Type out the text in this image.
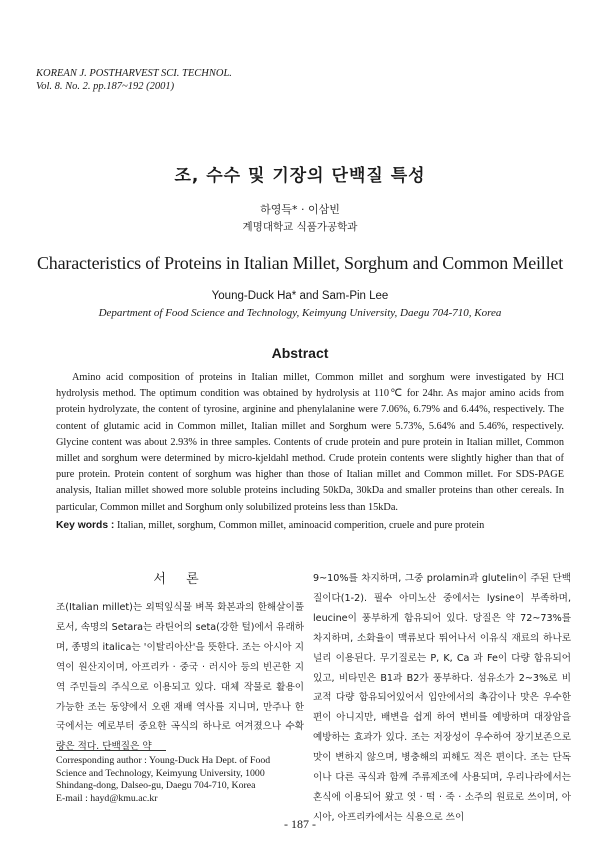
KOREAN J. POSTHARVEST SCI. TECHNOL.
Vol. 8. No. 2. pp.187~192 (2001)
조, 수수 및 기장의 단백질 특성
하영득* · 이삼빈
계명대학교 식품가공학과
Characteristics of Proteins in Italian Millet, Sorghum and Common Meillet
Young-Duck Ha* and Sam-Pin Lee
Department of Food Science and Technology, Keimyung University, Daegu 704-710, Korea
Abstract

Amino acid composition of proteins in Italian millet, Common millet and sorghum were investigated by HCl hydrolysis method. The optimum condition was obtained by hydrolysis at 110℃ for 24hr. As major amino acids from protein hydrolyzate, the content of tyrosine, arginine and phenylalanine were 7.06%, 6.79% and 6.44%, respectively. The content of glutamic acid in Common millet, Italian millet and Sorghum were 5.73%, 5.64% and 5.46%, respectively. Glycine content was about 2.93% in three samples. Contents of crude protein and pure protein in Italian millet, Common millet and sorghum were determined by micro-kjeldahl method. Crude protein contents were slightly higher than that of pure protein. Protein content of sorghum was higher than those of Italian millet and Common millet. For SDS-PAGE analysis, Italian millet showed more soluble proteins including 50kDa, 30kDa and smaller proteins than other cereals. In particular, Common millet and Sorghum only solubilized proteins less than 15kDa.

Key words : Italian, millet, sorghum, Common millet, aminoacid comperition, cruele and pure protein
서 론

조(Italian millet)는 외떡잎식물 벼목 화본과의 한해살이풀로서, 속명의 Setara는 라틴어의 seta(강한 털)에서 유래하며, 종명의 italica는 '이탈리아산'을 뜻한다. 조는 아시아 지역이 원산지이며, 아프리카 · 중국 · 러시아 등의 빈곤한 지역 주민들의 주식으로 이용되고 있다. 대체 작물로 활용이 가능한 조는 동양에서 오랜 재배 역사를 지니며, 만주나 한국에서는 예로부터 중요한 곡식의 하나로 여겨졌으나 수확량은 적다. 단백질은 약

9~10%를 차지하며, 그중 prolamin과 glutelin이 주된 단백질이다(1-2). 필수 아미노산 중에서는 lysine이 부족하며, leucine이 풍부하게 함유되어 있다. 당질은 약 72~73%를 차지하며, 소화율이 맥류보다 뛰어나서 이유식 재료의 하나로 널리 이용된다. 무기질로는 P, K, Ca 과 Fe이 다량 함유되어 있고, 비타민은 B1과 B2가 풍부하다. 섬유소가 2~3%로 비교적 다량 함유되어있어서 입안에서의 촉감이나 맛은 우수한 편이 아니지만, 배변을 쉽게 하여 변비를 예방하며 대장암을 예방하는 효과가 있다. 조는 저장성이 우수하여 장기보존으로 맛이 변하지 않으며, 병충해의 피해도 적은 편이다. 조는 단독이나 다른 곡식과 함께 주류제조에 사용되며, 우리나라에서는 혼식에 이용되어 왔고 엿 · 떡 · 죽 · 소주의 원료로 쓰이며, 아시아, 아프리카에서는 식용으로 쓰이

Corresponding author : Young-Duck Ha Dept. of Food
Science and Technology, Keimyung University, 1000
Shindang-dong, Dalseo-gu, Daegu 704-710, Korea
E-mail : hayd@kmu.ac.kr
- 187 -
